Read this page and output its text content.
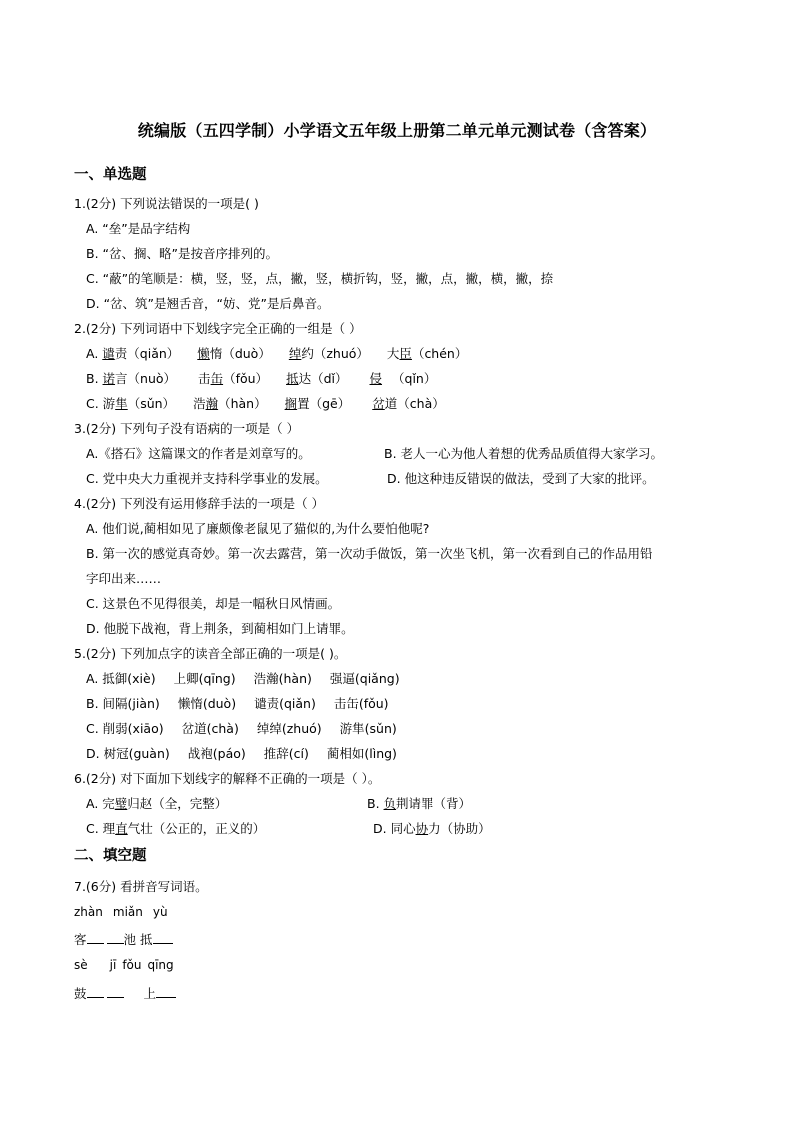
统编版（五四学制）小学语文五年级上册第二单元单元测试卷（含答案）
一、单选题
1.(2分) 下列说法错误的一项是( )
A. “垒”是品字结构
B. “岔、搁、略”是按音序排列的。
C. “蔽”的笔顺是：横，竖，竖，点，撇，竖，横折钩，竖，撇，点，撇，横，撇，捺
D. “岔、筑”是翘舌音，“妨、党”是后鼻音。
2.(2分) 下列词语中下划线字完全正确的一组是（ ）
A. 谴责（qiǎn） 懒惰（duò） 绰约（zhuó） 大臣（chén）
B. 诺言（nuò） 击缶（fǒu） 抵达（dǐ） 侵 （qǐn）
C. 游隼（sǔn） 浩瀚（hàn） 搁置（gē） 岔道（chà）
3.(2分) 下列句子没有语病的一项是（ ）
A.《搭石》这篇课文的作者是刘章写的。	B. 老人一心为他人着想的优秀品质值得大家学习。
C. 党中央大力重视并支持科学事业的发展。	D. 他这种违反错误的做法，受到了大家的批评。
4.(2分) 下列没有运用修辞手法的一项是（ ）
A. 他们说,蔺相如见了廉颇像老鼠见了猫似的,为什么要怕他呢?
B. 第一次的感觉真奇妙。第一次去露营，第一次动手做饭，第一次坐飞机，第一次看到自己的作品用铅
字印出来……
C. 这景色不见得很美，却是一幅秋日风情画。
D. 他脱下战袍，背上荆条，到蔺相如门上请罪。
5.(2分) 下列加点字的读音全部正确的一项是( )。
A. 抵御(xiè) 上卿(qīng) 浩瀚(hàn) 强逼(qiǎng)
B. 间隔(jiàn) 懒惰(duò) 谴责(qiǎn) 击缶(fǒu)
C. 削弱(xiāo) 岔道(chà) 绰绰(zhuó) 游隼(sǔn)
D. 树冠(guàn) 战袍(páo) 推辞(cí) 蔺相如(lìng)
6.(2分) 对下面加下划线字的解释不正确的一项是（ ）。
A. 完璧归赵（全，完整）	B. 负荆请罪（背）
C. 理直气壮（公正的，正义的）	D. 同心协力（协助）
二、填空题
7.(6分) 看拼音写词语。
zhàn miǎn yù
客	池 抵
sè jī fǒu qīng
鼓	上
